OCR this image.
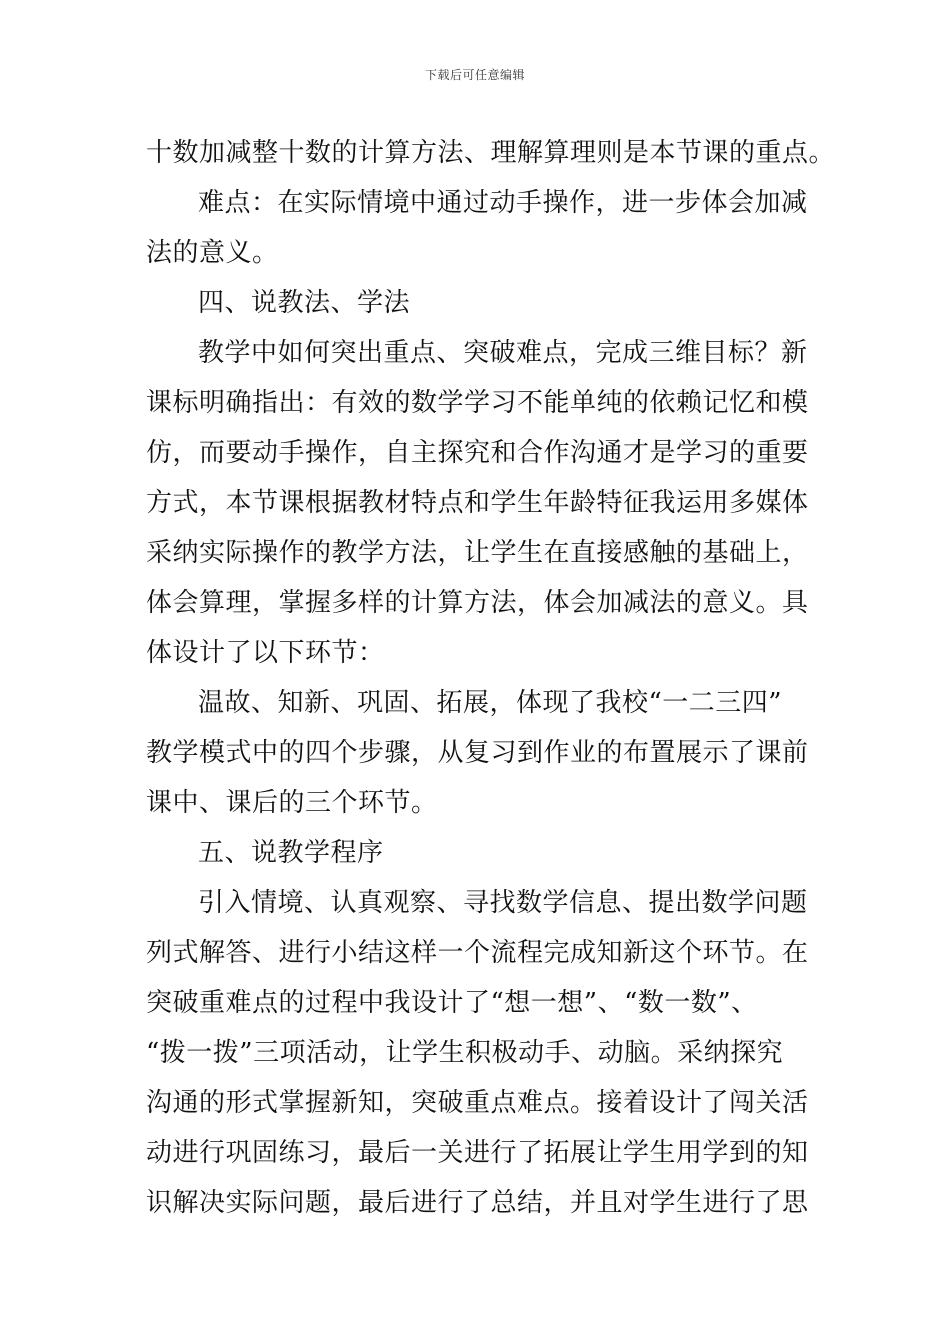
下载后可任意编辑
十数加减整十数的计算方法、理解算理则是本节课的重点。
难点：在实际情境中通过动手操作，进一步体会加减
法的意义。
四、说教法、学法
教学中如何突出重点、突破难点，完成三维目标？新
课标明确指出：有效的数学学习不能单纯的依赖记忆和模
仿，而要动手操作，自主探究和合作沟通才是学习的重要
方式，本节课根据教材特点和学生年龄特征我运用多媒体
采纳实际操作的教学方法，让学生在直接感触的基础上，
体会算理，掌握多样的计算方法，体会加减法的意义。具
体设计了以下环节：
温故、知新、巩固、拓展，体现了我校“一二三四”
教学模式中的四个步骤，从复习到作业的布置展示了课前
课中、课后的三个环节。
五、说教学程序
引入情境、认真观察、寻找数学信息、提出数学问题
列式解答、进行小结这样一个流程完成知新这个环节。在
突破重难点的过程中我设计了“想一想”、“数一数”、
“拨一拨”三项活动，让学生积极动手、动脑。采纳探究
沟通的形式掌握新知，突破重点难点。接着设计了闯关活
动进行巩固练习，最后一关进行了拓展让学生用学到的知
识解决实际问题，最后进行了总结，并且对学生进行了思
